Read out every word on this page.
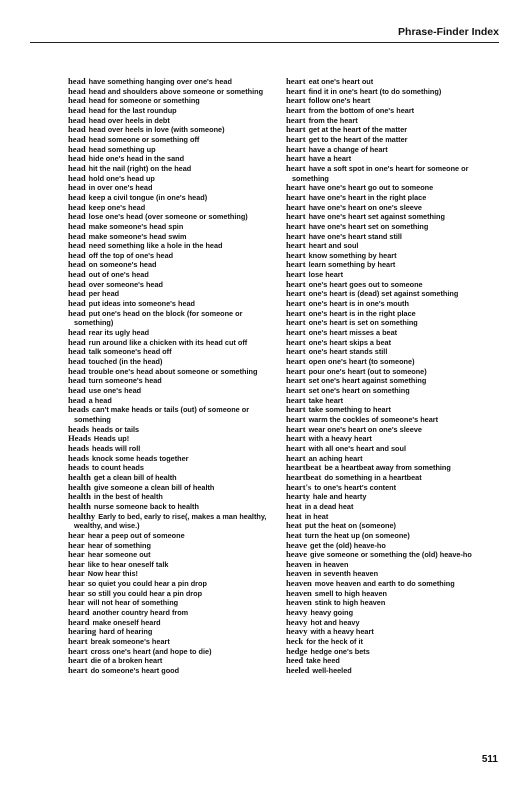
Phrase-Finder Index

head have something hanging over one's head

head head and shoulders above someone or something

head head for someone or something

head head for the last roundup

head head over heels in debt

head head over heels in love (with someone)

head head someone or something off

head head something up

head hide one's head in the sand

head hit the nail (right) on the head

head hold one's head up

head in over one's head

head keep a civil tongue (in one's head)

head keep one's head

head lose one's head (over someone or something)

head make someone's head spin

head make someone's head swim

head need something like a hole in the head

head off the top of one's head

head on someone's head

head out of one's head

head over someone's head

head per head

head put ideas into someone's head

head put one's head on the block (for someone or something)

head rear its ugly head

head run around like a chicken with its head cut off

head talk someone's head off

head touched (in the head)

head trouble one's head about someone or something

head turn someone's head

head use one's head

head a head

heads can't make heads or tails (out) of someone or something

heads heads or tails

Heads Heads up!

heads heads will roll

heads knock some heads together

heads to count heads

health get a clean bill of health

health give someone a clean bill of health

health in the best of health

health nurse someone back to health

healthy Early to bed, early to rise(, makes a man healthy, wealthy, and wise.)

hear hear a peep out of someone

hear hear of something

hear hear someone out

hear like to hear oneself talk

hear Now hear this!

hear so quiet you could hear a pin drop

hear so still you could hear a pin drop

hear will not hear of something

heard another country heard from

heard make oneself heard

hearing hard of hearing

heart break someone's heart

heart cross one's heart (and hope to die)

heart die of a broken heart

heart do someone's heart good

heart eat one's heart out

heart find it in one's heart (to do something)

heart follow one's heart

heart from the bottom of one's heart

heart from the heart

heart get at the heart of the matter

heart get to the heart of the matter

heart have a change of heart

heart have a heart

heart have a soft spot in one's heart for someone or something

heart have one's heart go out to someone

heart have one's heart in the right place

heart have one's heart on one's sleeve

heart have one's heart set against something

heart have one's heart set on something

heart have one's heart stand still

heart heart and soul

heart know something by heart

heart learn something by heart

heart lose heart

heart one's heart goes out to someone

heart one's heart is (dead) set against something

heart one's heart is in one's mouth

heart one's heart is in the right place

heart one's heart is set on something

heart one's heart misses a beat

heart one's heart skips a beat

heart one's heart stands still

heart open one's heart (to someone)

heart pour one's heart (out to someone)

heart set one's heart against something

heart set one's heart on something

heart take heart

heart take something to heart

heart warm the cockles of someone's heart

heart wear one's heart on one's sleeve

heart with a heavy heart

heart with all one's heart and soul

heart an aching heart

heartbeat be a heartbeat away from something

heartbeat do something in a heartbeat

heart's to one's heart's content

hearty hale and hearty

heat in a dead heat

heat in heat

heat put the heat on (someone)

heat turn the heat up (on someone)

heave get the (old) heave-ho

heave give someone or something the (old) heave-ho

heaven in heaven

heaven in seventh heaven

heaven move heaven and earth to do something

heaven smell to high heaven

heaven stink to high heaven

heavy heavy going

heavy hot and heavy

heavy with a heavy heart

heck for the heck of it

hedge hedge one's bets

heed take heed

heeled well-heeled

511
